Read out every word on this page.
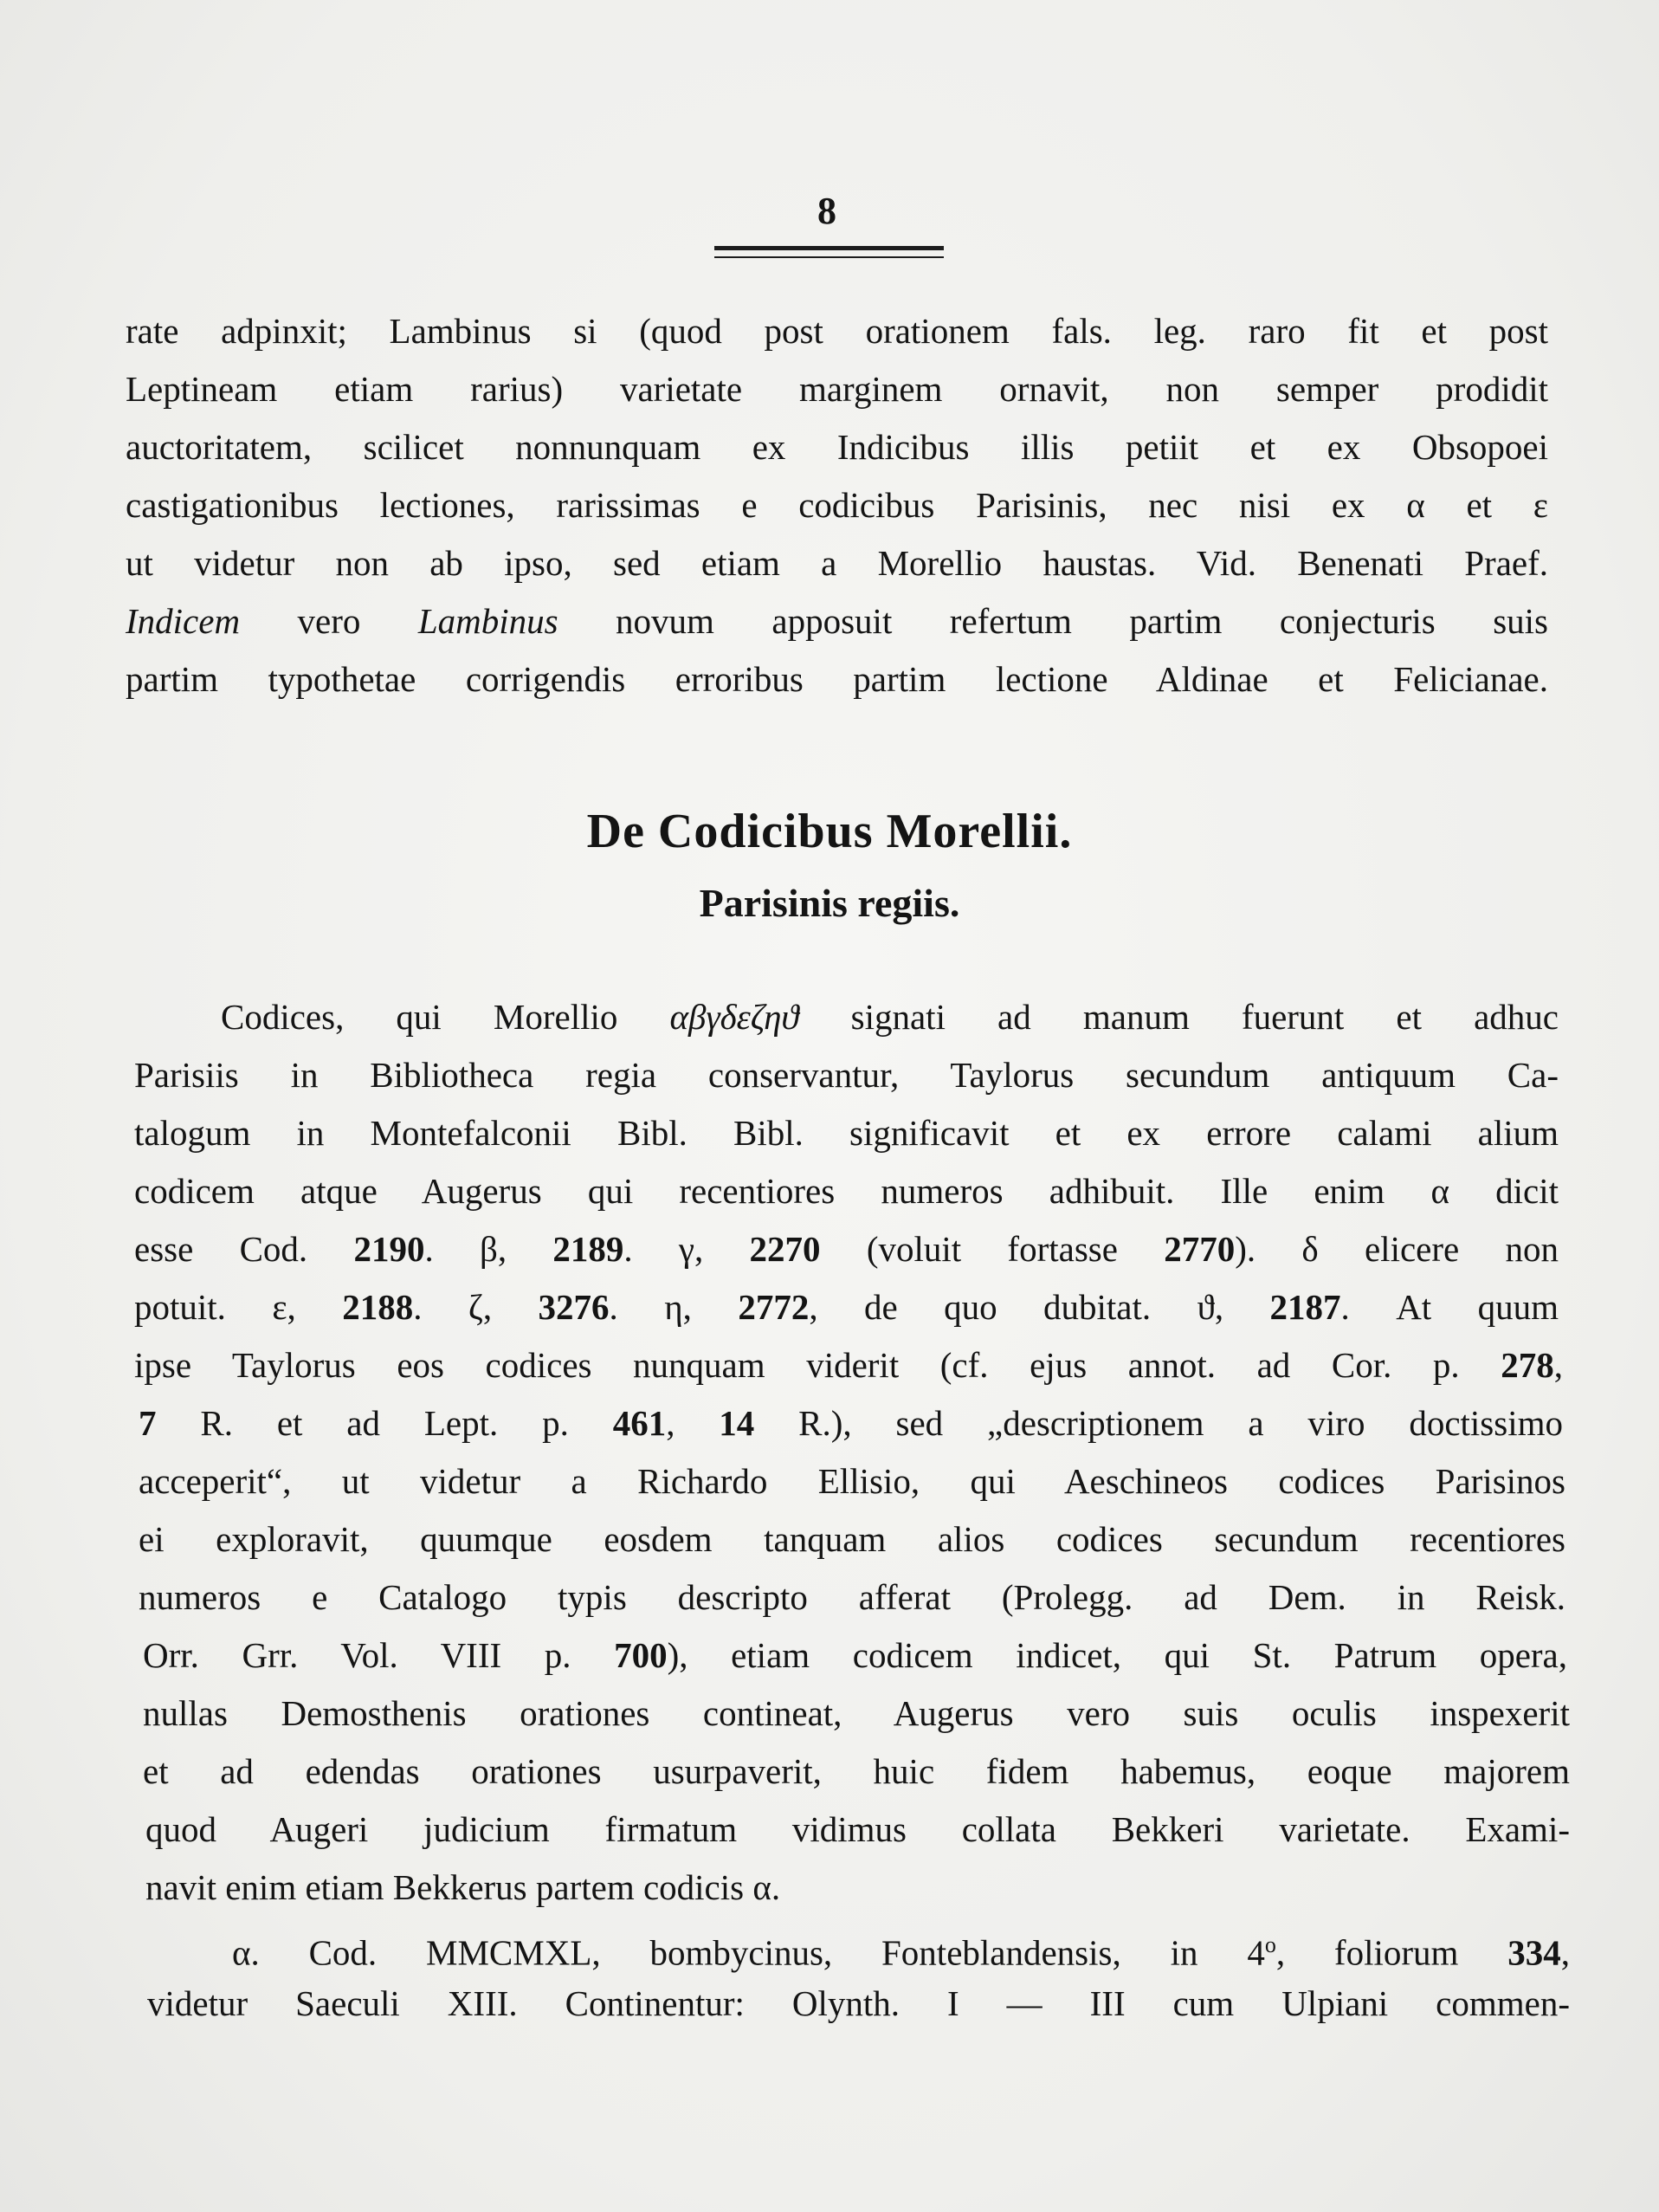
8
rate adpinxit; Lambinus si (quod post orationem fals. leg. raro fit et post
Leptineam etiam rarius) varietate marginem ornavit, non semper prodidit
auctoritatem, scilicet nonnunquam ex Indicibus illis petiit et ex Obsopoei
castigationibus lectiones, rarissimas e codicibus Parisinis, nec nisi ex α et ε
ut videtur non ab ipso, sed etiam a Morellio haustas. Vid. Benenati Praef.
Indicem vero Lambinus novum apposuit refertum partim conjecturis suis
partim typothetae corrigendis erroribus partim lectione Aldinae et Felicianae.
De Codicibus Morellii.
Parisinis regiis.
Codices, qui Morellio αβγδεζηϑ signati ad manum fuerunt et adhuc
Parisiis in Bibliotheca regia conservantur, Taylorus secundum antiquum Ca-
talogum in Montefalconii Bibl. Bibl. significavit et ex errore calami alium
codicem atque Augerus qui recentiores numeros adhibuit. Ille enim α dicit
esse Cod. 2190. β, 2189. γ, 2270 (voluit fortasse 2770). δ elicere non
potuit. ε, 2188. ζ, 3276. η, 2772, de quo dubitat. ϑ, 2187. At quum
ipse Taylorus eos codices nunquam viderit (cf. ejus annot. ad Cor. p. 278,
7 R. et ad Lept. p. 461, 14 R.), sed „descriptionem a viro doctissimo
acceperit“, ut videtur a Richardo Ellisio, qui Aeschineos codices Parisinos
ei exploravit, quumque eosdem tanquam alios codices secundum recentiores
numeros e Catalogo typis descripto afferat (Prolegg. ad Dem. in Reisk.
Orr. Grr. Vol. VIII p. 700), etiam codicem indicet, qui St. Patrum opera,
nullas Demosthenis orationes contineat, Augerus vero suis oculis inspexerit
et ad edendas orationes usurpaverit, huic fidem habemus, eoque majorem
quod Augeri judicium firmatum vidimus collata Bekkeri varietate. Exami-
navit enim etiam Bekkerus partem codicis α.
α. Cod. MMCMXL, bombycinus, Fonteblandensis, in 4$^o$, foliorum 334,
videtur Saeculi XIII. Continentur: Olynth. I — III cum Ulpiani commen-
